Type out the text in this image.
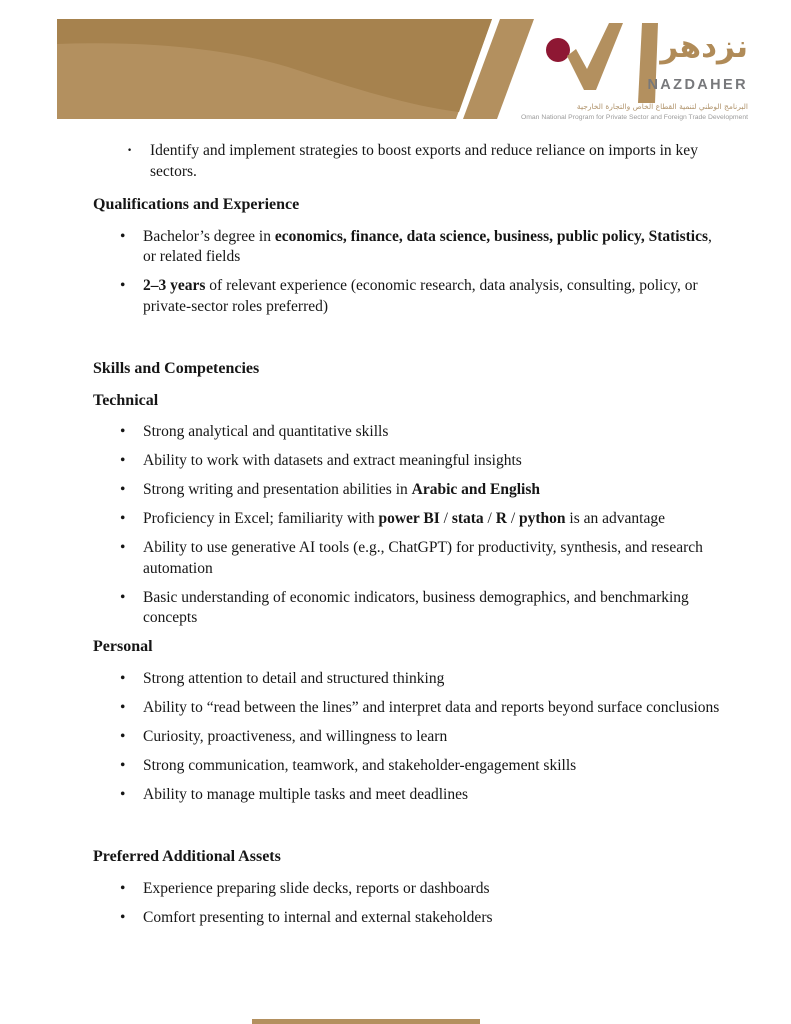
نزدهر
NAZDAHER
البرنامج الوطني لتنمية القطاع الخاص والتجارة الخارجية
Oman National Program for Private Sector and Foreign Trade Development
· Identify and implement strategies to boost exports and reduce reliance on imports in key sectors.
Qualifications and Experience
• Bachelor’s degree in economics, finance, data science, business, public policy, Statistics, or related fields
• 2–3 years of relevant experience (economic research, data analysis, consulting, policy, or private-sector roles preferred)
Skills and Competencies
Technical
• Strong analytical and quantitative skills
• Ability to work with datasets and extract meaningful insights
• Strong writing and presentation abilities in Arabic and English
• Proficiency in Excel; familiarity with power BI / stata / R / python is an advantage
• Ability to use generative AI tools (e.g., ChatGPT) for productivity, synthesis, and research automation
• Basic understanding of economic indicators, business demographics, and benchmarking concepts
Personal
• Strong attention to detail and structured thinking
• Ability to “read between the lines” and interpret data and reports beyond surface conclusions
• Curiosity, proactiveness, and willingness to learn
• Strong communication, teamwork, and stakeholder-engagement skills
• Ability to manage multiple tasks and meet deadlines
Preferred Additional Assets
• Experience preparing slide decks, reports or dashboards
• Comfort presenting to internal and external stakeholders
